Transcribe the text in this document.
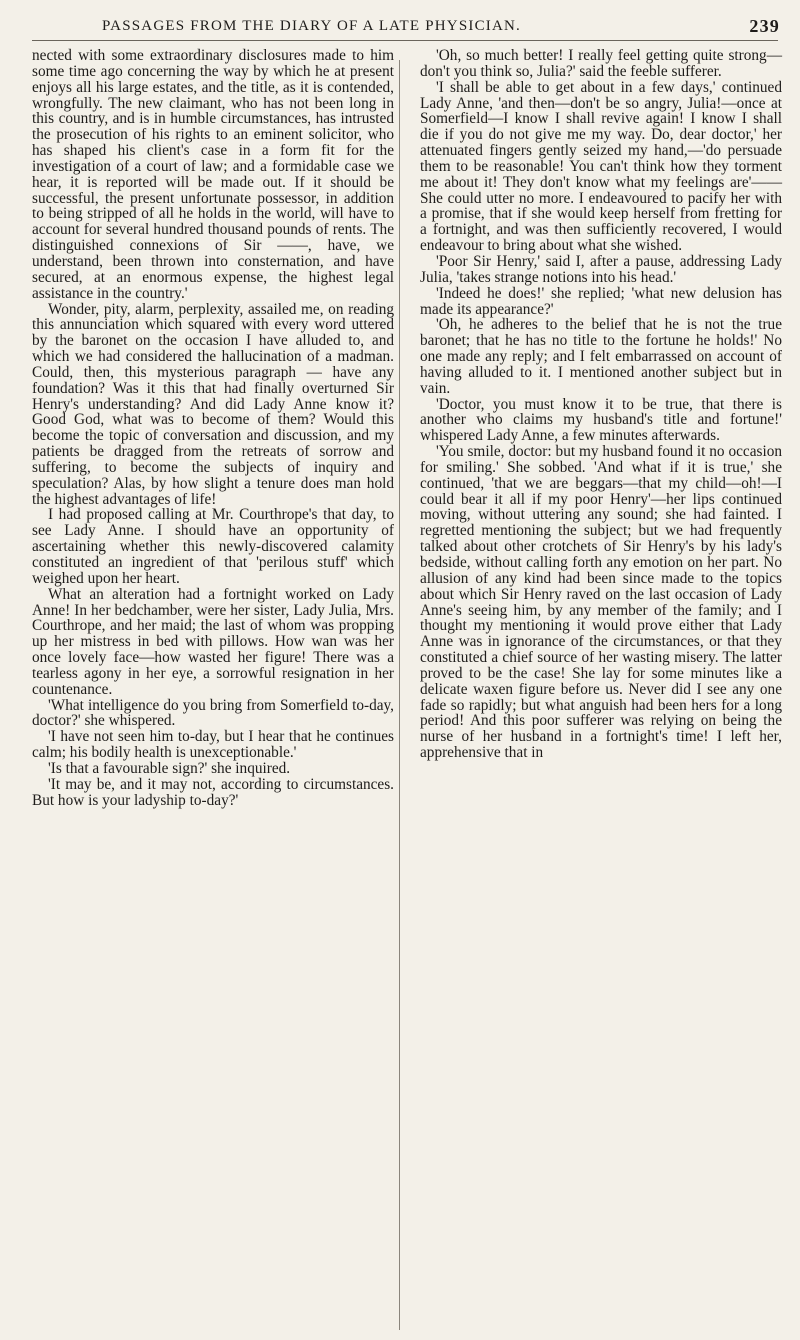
PASSAGES FROM THE DIARY OF A LATE PHYSICIAN.	239

nected with some extraordinary disclosures made to him some time ago concerning the way by which he at present enjoys all his large estates, and the title, as it is contended, wrongfully. The new claimant, who has not been long in this country, and is in humble circumstances, has intrusted the prosecution of his rights to an eminent solicitor, who has shaped his client's case in a form fit for the investigation of a court of law; and a formidable case we hear, it is reported will be made out. If it should be successful, the present unfortunate possessor, in addition to being stripped of all he holds in the world, will have to account for several hundred thousand pounds of rents. The distinguished connexions of Sir ——, have, we understand, been thrown into consternation, and have secured, at an enormous expense, the highest legal assistance in the country.'

Wonder, pity, alarm, perplexity, assailed me, on reading this annunciation which squared with every word uttered by the baronet on the occasion I have alluded to, and which we had considered the hallucination of a madman. Could, then, this mysterious paragraph — have any foundation? Was it this that had finally overturned Sir Henry's understanding? And did Lady Anne know it? Good God, what was to become of them? Would this become the topic of conversation and discussion, and my patients be dragged from the retreats of sorrow and suffering, to become the subjects of inquiry and speculation? Alas, by how slight a tenure does man hold the highest advantages of life!

I had proposed calling at Mr. Courthrope's that day, to see Lady Anne. I should have an opportunity of ascertaining whether this newly-discovered calamity constituted an ingredient of that 'perilous stuff' which weighed upon her heart.

What an alteration had a fortnight worked on Lady Anne! In her bedchamber, were her sister, Lady Julia, Mrs. Courthrope, and her maid; the last of whom was propping up her mistress in bed with pillows. How wan was her once lovely face—how wasted her figure! There was a tearless agony in her eye, a sorrowful resignation in her countenance.

'What intelligence do you bring from Somerfield to-day, doctor?' she whispered.

'I have not seen him to-day, but I hear that he continues calm; his bodily health is unexceptionable.'

'Is that a favourable sign?' she inquired.

'It may be, and it may not, according to circumstances. But how is your ladyship to-day?'

'Oh, so much better! I really feel getting quite strong—don't you think so, Julia?' said the feeble sufferer.

'I shall be able to get about in a few days,' continued Lady Anne, 'and then—don't be so angry, Julia!—once at Somerfield—I know I shall revive again! I know I shall die if you do not give me my way. Do, dear doctor,' her attenuated fingers gently seized my hand,—'do persuade them to be reasonable! You can't think how they torment me about it! They don't know what my feelings are'—— She could utter no more. I endeavoured to pacify her with a promise, that if she would keep herself from fretting for a fortnight, and was then sufficiently recovered, I would endeavour to bring about what she wished.

'Poor Sir Henry,' said I, after a pause, addressing Lady Julia, 'takes strange notions into his head.'

'Indeed he does!' she replied; 'what new delusion has made its appearance?'

'Oh, he adheres to the belief that he is not the true baronet; that he has no title to the fortune he holds!' No one made any reply; and I felt embarrassed on account of having alluded to it. I mentioned another subject but in vain.

'Doctor, you must know it to be true, that there is another who claims my husband's title and fortune!' whispered Lady Anne, a few minutes afterwards.

'You smile, doctor: but my husband found it no occasion for smiling.' She sobbed. 'And what if it is true,' she continued, 'that we are beggars—that my child—oh!—I could bear it all if my poor Henry'—her lips continued moving, without uttering any sound; she had fainted. I regretted mentioning the subject; but we had frequently talked about other crotchets of Sir Henry's by his lady's bedside, without calling forth any emotion on her part. No allusion of any kind had been since made to the topics about which Sir Henry raved on the last occasion of Lady Anne's seeing him, by any member of the family; and I thought my mentioning it would prove either that Lady Anne was in ignorance of the circumstances, or that they constituted a chief source of her wasting misery. The latter proved to be the case! She lay for some minutes like a delicate waxen figure before us. Never did I see any one fade so rapidly; but what anguish had been hers for a long period! And this poor sufferer was relying on being the nurse of her husband in a fortnight's time! I left her, apprehensive that in
